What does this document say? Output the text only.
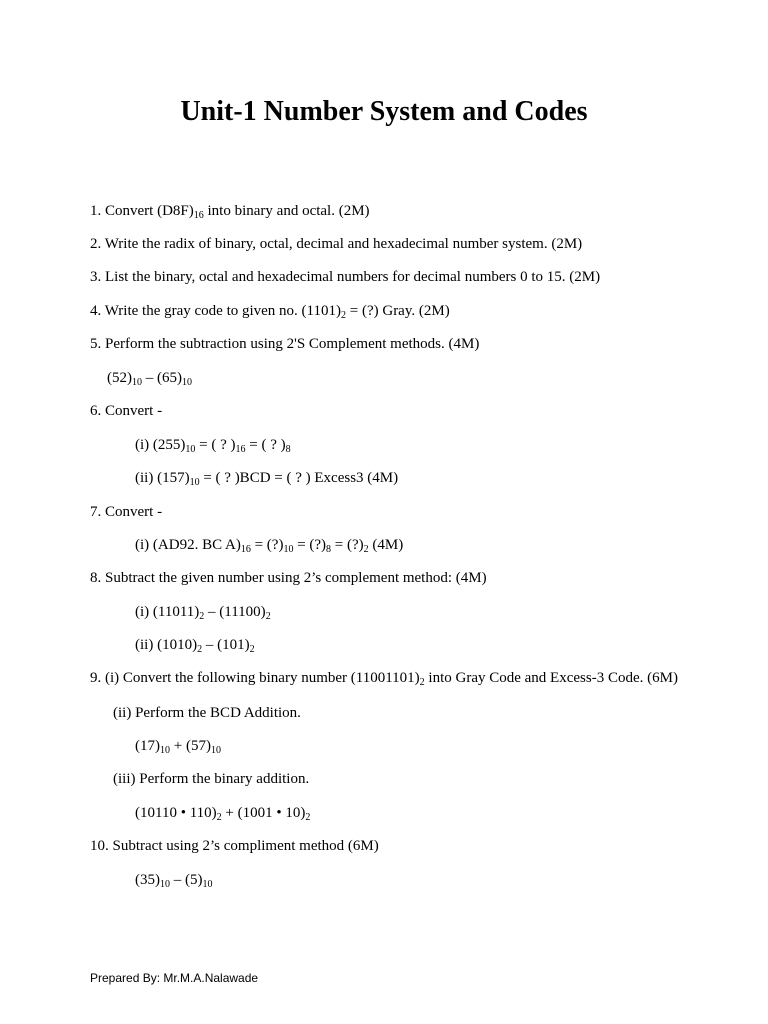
Unit-1 Number System and Codes
1. Convert $(D8F)_{16}$ into binary and octal. (2M)
2. Write the radix of binary, octal, decimal and hexadecimal number system. (2M)
3. List the binary, octal and hexadecimal numbers for decimal numbers 0 to 15. (2M)
4. Write the gray code to given no. $(1101)_2$ = (?) Gray. (2M)
5. Perform the subtraction using 2'S Complement methods. (4M)
$(52)_{10} - (65)_{10}$
6. Convert -
(i) $(255)_{10}$ = ( ? )$_{16}$ = ( ? )$_8$
(ii) $(157)_{10}$ = ( ? )BCD = ( ? ) Excess3 (4M)
7. Convert -
(i) (AD92. BC $A)_{16}$ = $(?)_{10}$ = $(?)_8$ = $(?)_2$ (4M)
8. Subtract the given number using 2’s complement method: (4M)
(i) $(11011)_2 - (11100)_2$
(ii) $(1010)_2 - (101)_2$
9. (i) Convert the following binary number $(11001101)_2$ into Gray Code and Excess-3 Code. (6M)
(ii) Perform the BCD Addition.
$(17)_{10} + (57)_{10}$
(iii) Perform the binary addition.
(10110 • $110)_2 + (1001$ • $10)_2$
10. Subtract using 2’s compliment method (6M)
$(35)_{10} - (5)_{10}$
Prepared By: Mr.M.A.Nalawade
